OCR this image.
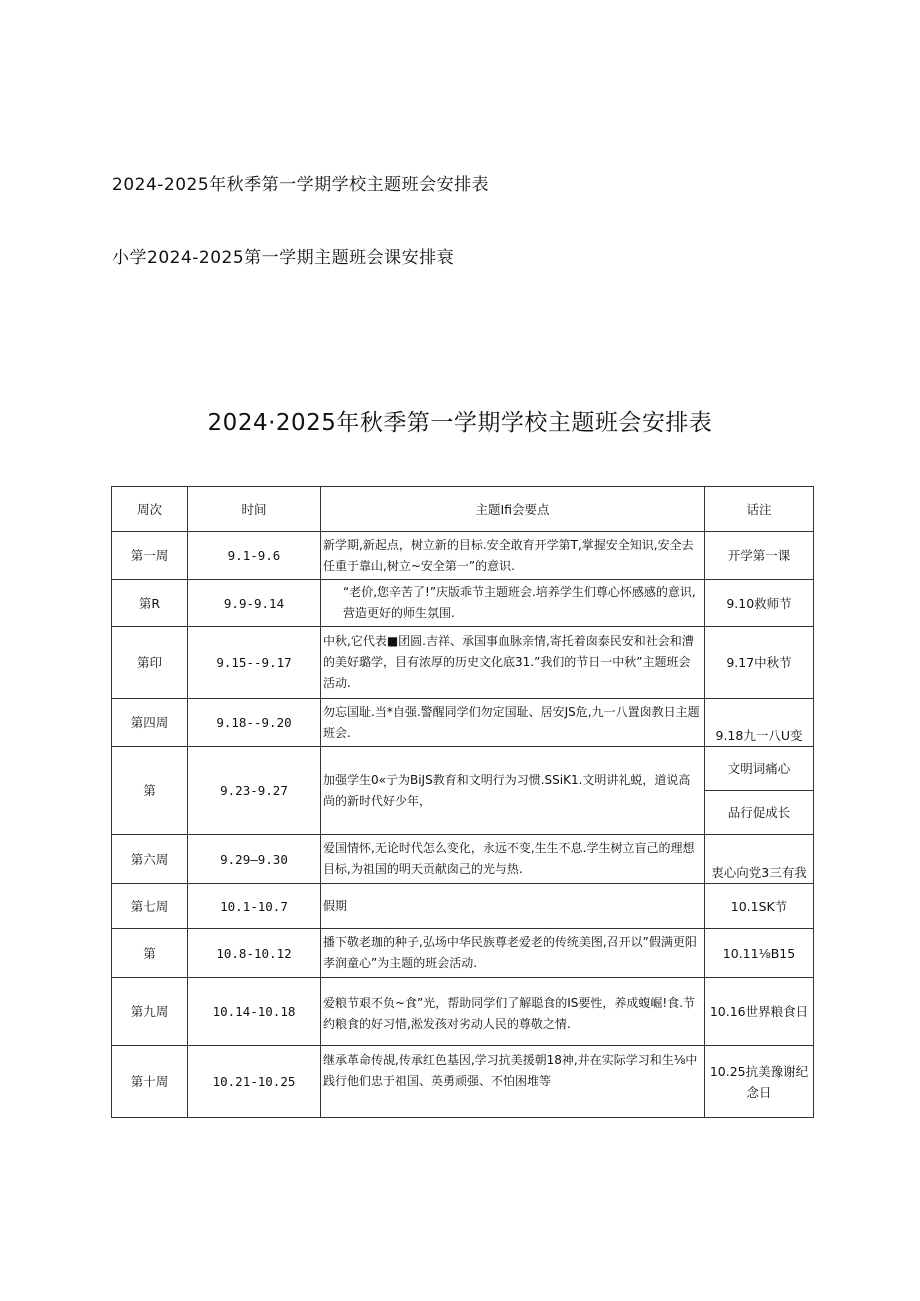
2024-2025年秋季第一学期学校主题班会安排表
小学2024-2025第一学期主题班会课安排衰
2024·2025年秋季第一学期学校主题班会安排表
周次	时间	主题Ifi会要点	话注
第一周	9.1-9.6	新学期,新起点，树立新的目标.安全敢育开学第T,掌握安全知识,安全去任重于靠山,树立~安全第一”的意识.	开学第一课
第R	9.9-9.14	“老价,您辛苦了!”庆版乖节主题班会.培养学生们尊心怀感感的意识,营造更好的师生氛围.	9.10救师节
第印	9.15--9.17	中秋,它代表■团圆.吉祥、承国事血脉亲情,寄托着囱泰民安和社会和漕的美好璐学，目有浓厚的历史文化底31.”我们的节日一中秋”主题班会活动.	9.17中秋节
第四周	9.18--9.20	勿忘国耻.当*自强.警醒同学们勿定国耻、居安JS危,九一八置囱教日主题班会.	9.18九一八U变
第	9.23-9.27	加强学生0«亍为BiJS教育和文明行为习惯.SSiK1.文明讲礼蜕，道说高尚的新时代好少年，	文明词痛心
			品行促成长
第六周	9.29—9.30	爱国情怀,无论时代怎么变化，永远不变,生生不息.学生树立盲己的理想目标,为祖国的明天贡献囱己的光与热.	衷心向党3三有我
第七周	10.1-10.7	假期	10.1SK节
第	10.8-10.12	播下敬老珈的种子,弘场中华民族尊老爱老的传统美图,召开以”假满更阳孝润童心”为主题的班会活动.	10.11⅛B15
第九周	10.14-10.18	爱粮节艰不负~食”光，帮助同学们了解聪食的IS要性，养成蝮崛!食.节约粮食的好习惜,淞发孩对劣动人民的尊敬之情.	10.16世界粮食日
第十周	10.21-10.25	继承革命传覘,传承红色基因,学习抗美援朝18神,并在实际学习和生⅛中践行他们忠于祖国、英勇顽强、不怕困堆等	10.25抗美豫谢纪念日
